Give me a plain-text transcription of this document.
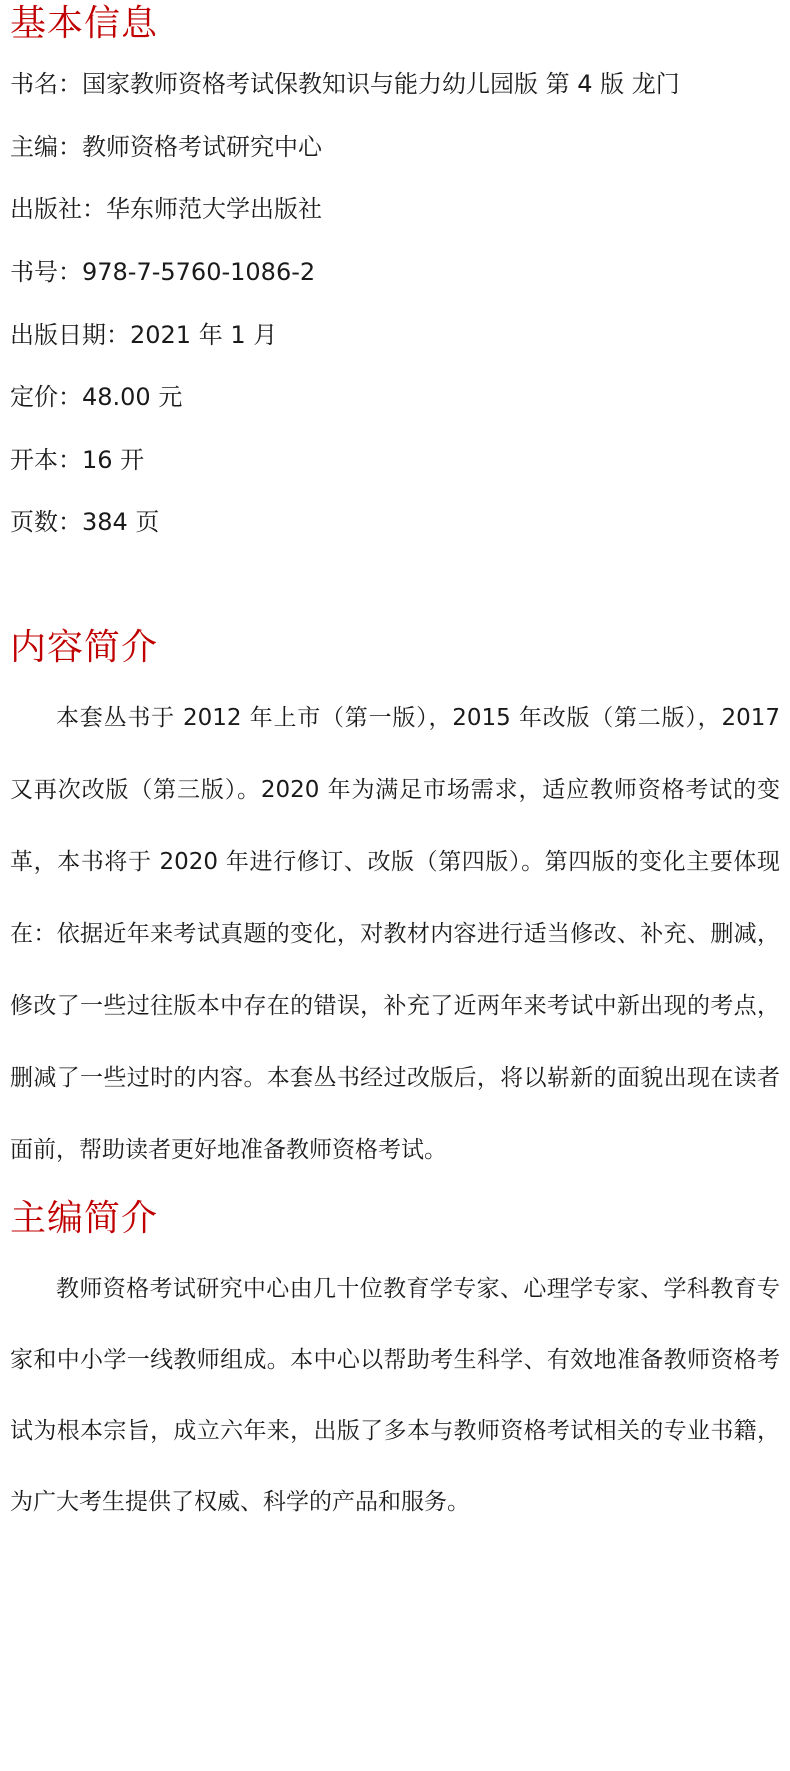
基本信息

书名：国家教师资格考试保教知识与能力幼儿园版 第 4 版 龙门

主编：教师资格考试研究中心

出版社：华东师范大学出版社

书号：978-7-5760-1086-2

出版日期：2021 年 1 月

定价：48.00 元

开本：16 开

页数：384 页

内容简介

本套丛书于 2012 年上市（第一版），2015 年改版（第二版），2017 又再次改版（第三版）。2020 年为满足市场需求，适应教师资格考试的变革，本书将于 2020 年进行修订、改版（第四版）。第四版的变化主要体现在：依据近年来考试真题的变化，对教材内容进行适当修改、补充、删减，修改了一些过往版本中存在的错误，补充了近两年来考试中新出现的考点，删减了一些过时的内容。本套丛书经过改版后，将以崭新的面貌出现在读者面前，帮助读者更好地准备教师资格考试。

主编简介

教师资格考试研究中心由几十位教育学专家、心理学专家、学科教育专家和中小学一线教师组成。本中心以帮助考生科学、有效地准备教师资格考试为根本宗旨，成立六年来，出版了多本与教师资格考试相关的专业书籍，为广大考生提供了权威、科学的产品和服务。
